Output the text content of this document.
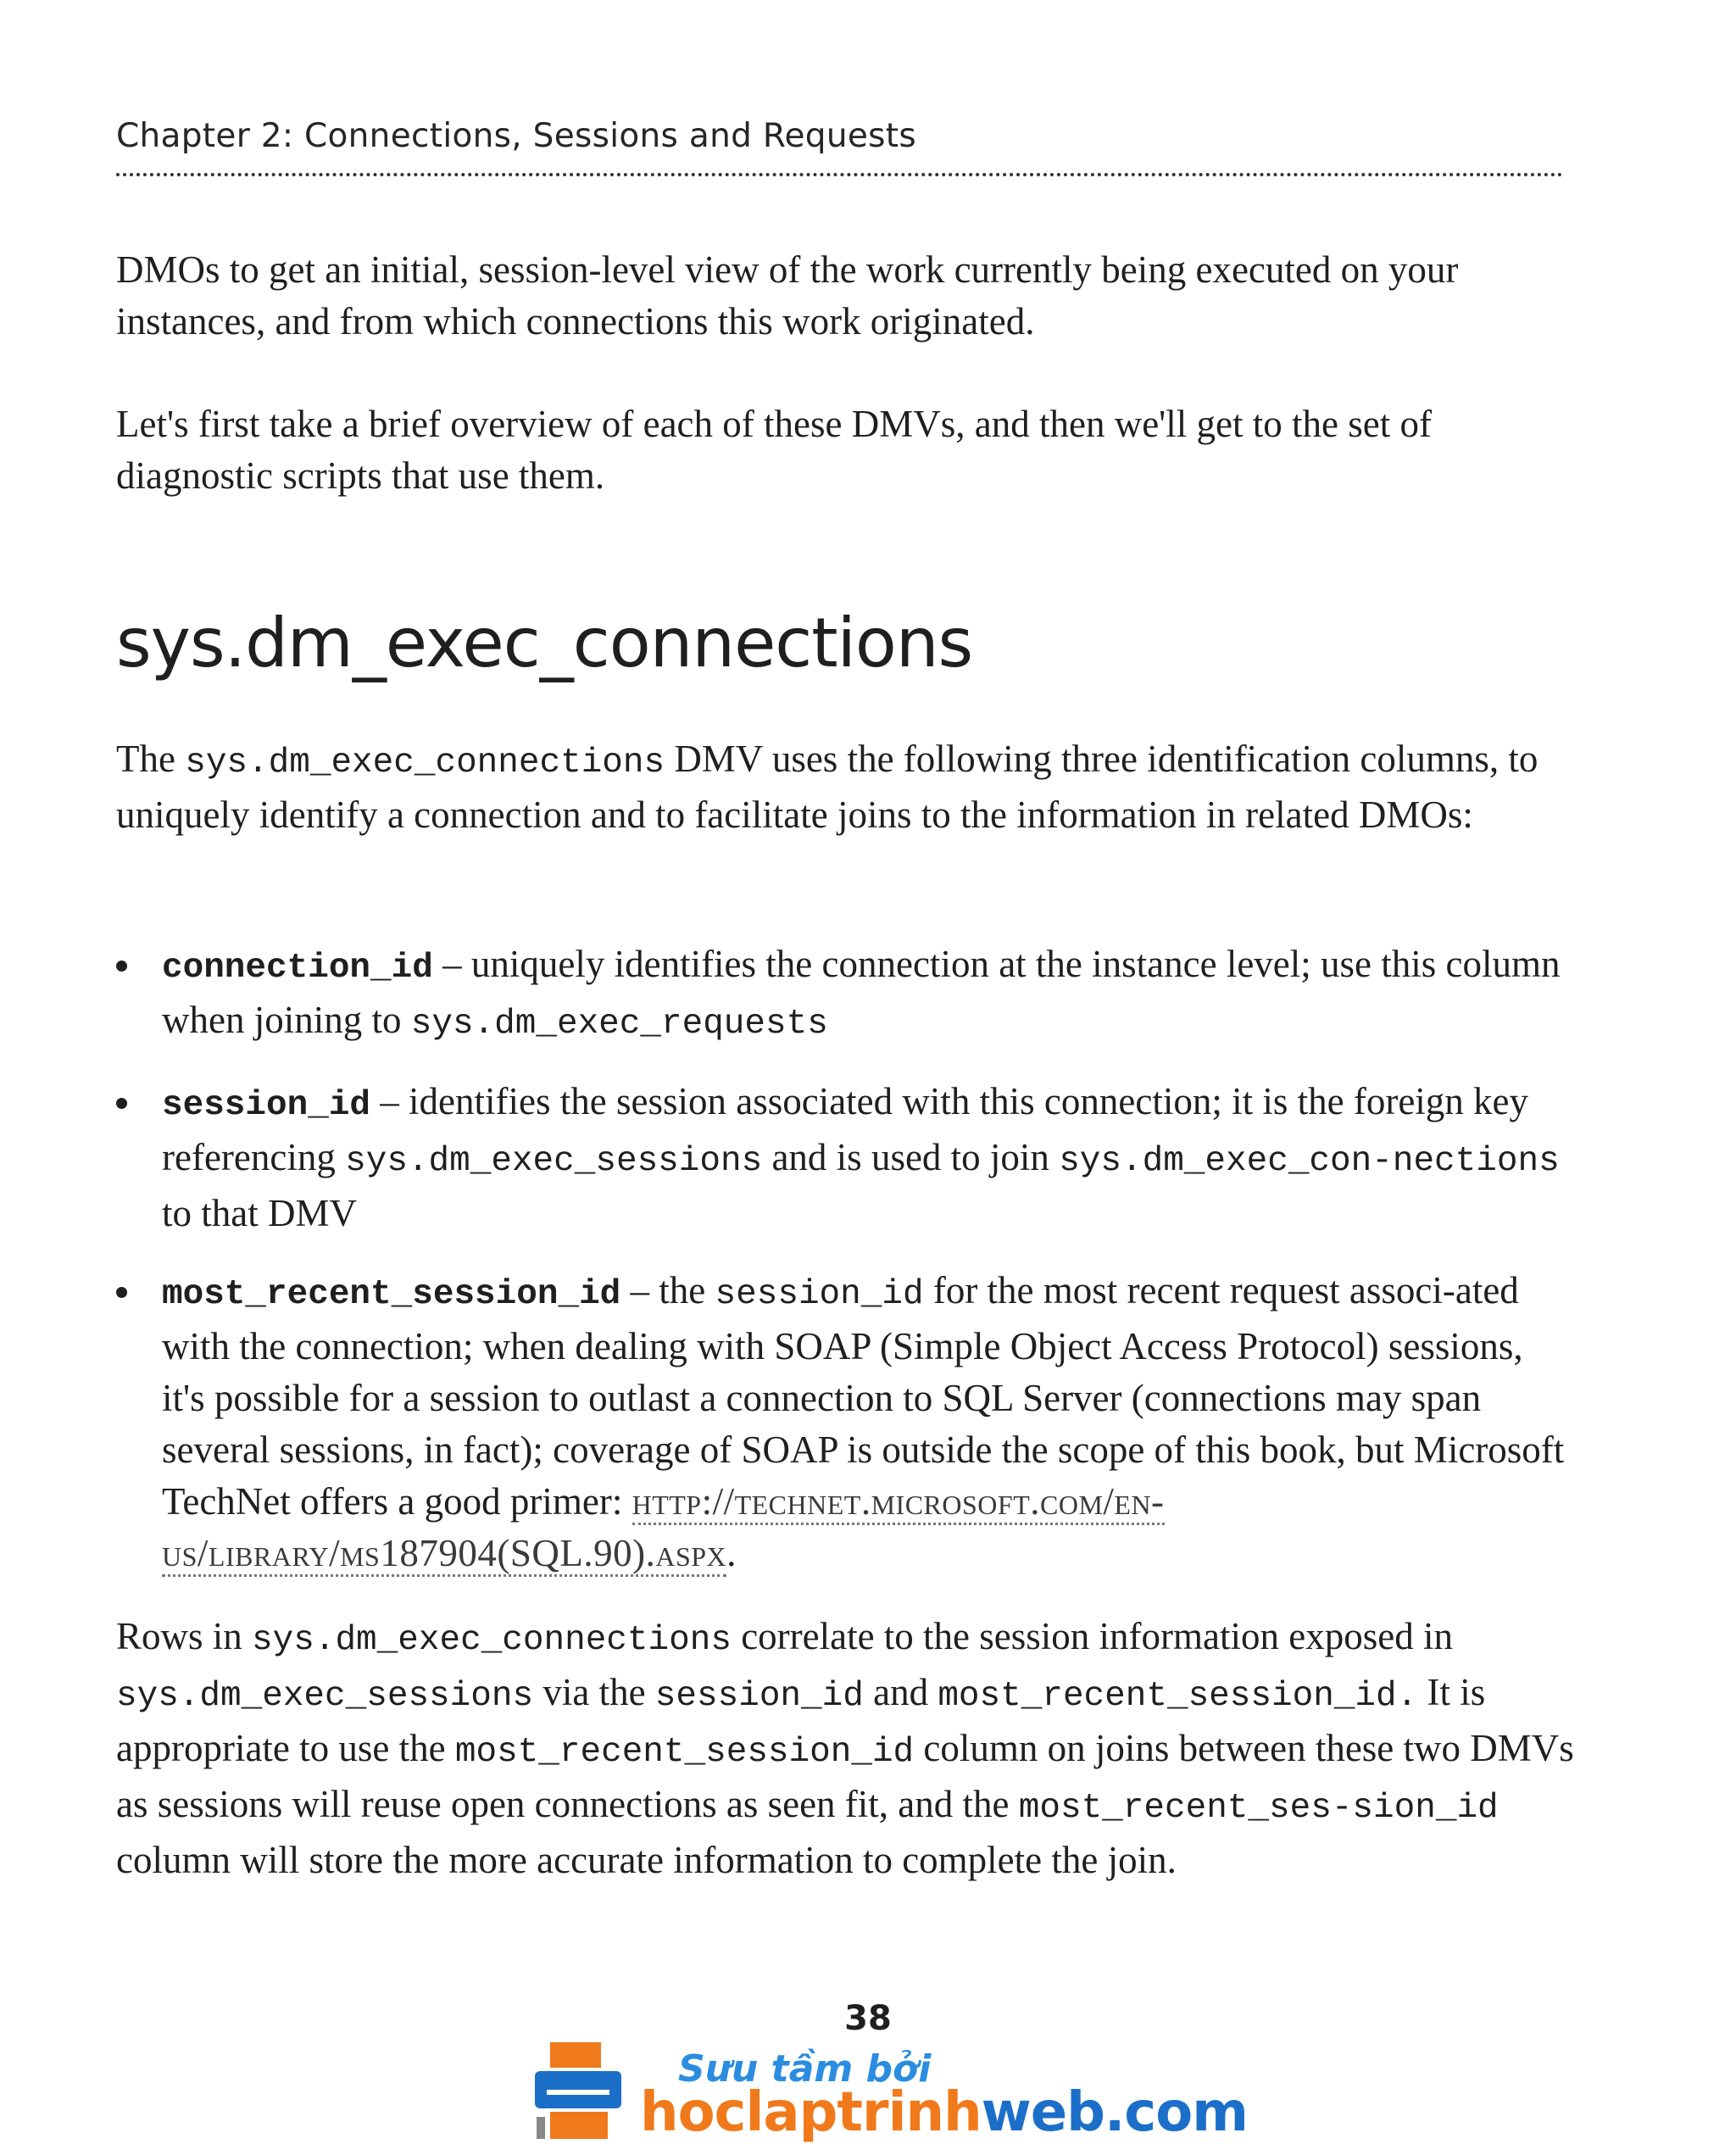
Chapter 2: Connections, Sessions and Requests

DMOs to get an initial, session-level view of the work currently being executed on your instances, and from which connections this work originated.

Let's first take a brief overview of each of these DMVs, and then we'll get to the set of diagnostic scripts that use them.

sys.dm_exec_connections

The sys.dm_exec_connections DMV uses the following three identification columns, to uniquely identify a connection and to facilitate joins to the information in related DMOs:

connection_id – uniquely identifies the connection at the instance level; use this column when joining to sys.dm_exec_requests
session_id – identifies the session associated with this connection; it is the foreign key referencing sys.dm_exec_sessions and is used to join sys.dm_exec_con-nections to that DMV
most_recent_session_id – the session_id for the most recent request associ-ated with the connection; when dealing with SOAP (Simple Object Access Protocol) sessions, it's possible for a session to outlast a connection to SQL Server (connections may span several sessions, in fact); coverage of SOAP is outside the scope of this book, but Microsoft TechNet offers a good primer: http://technet.microsoft.com/en-us/library/ms187904(SQL.90).aspx.

Rows in sys.dm_exec_connections correlate to the session information exposed in sys.dm_exec_sessions via the session_id and most_recent_session_id. It is appropriate to use the most_recent_session_id column on joins between these two DMVs as sessions will reuse open connections as seen fit, and the most_recent_ses-sion_id column will store the more accurate information to complete the join.

38
Sưu tầm bởi
hoclaptrinhweb.com
